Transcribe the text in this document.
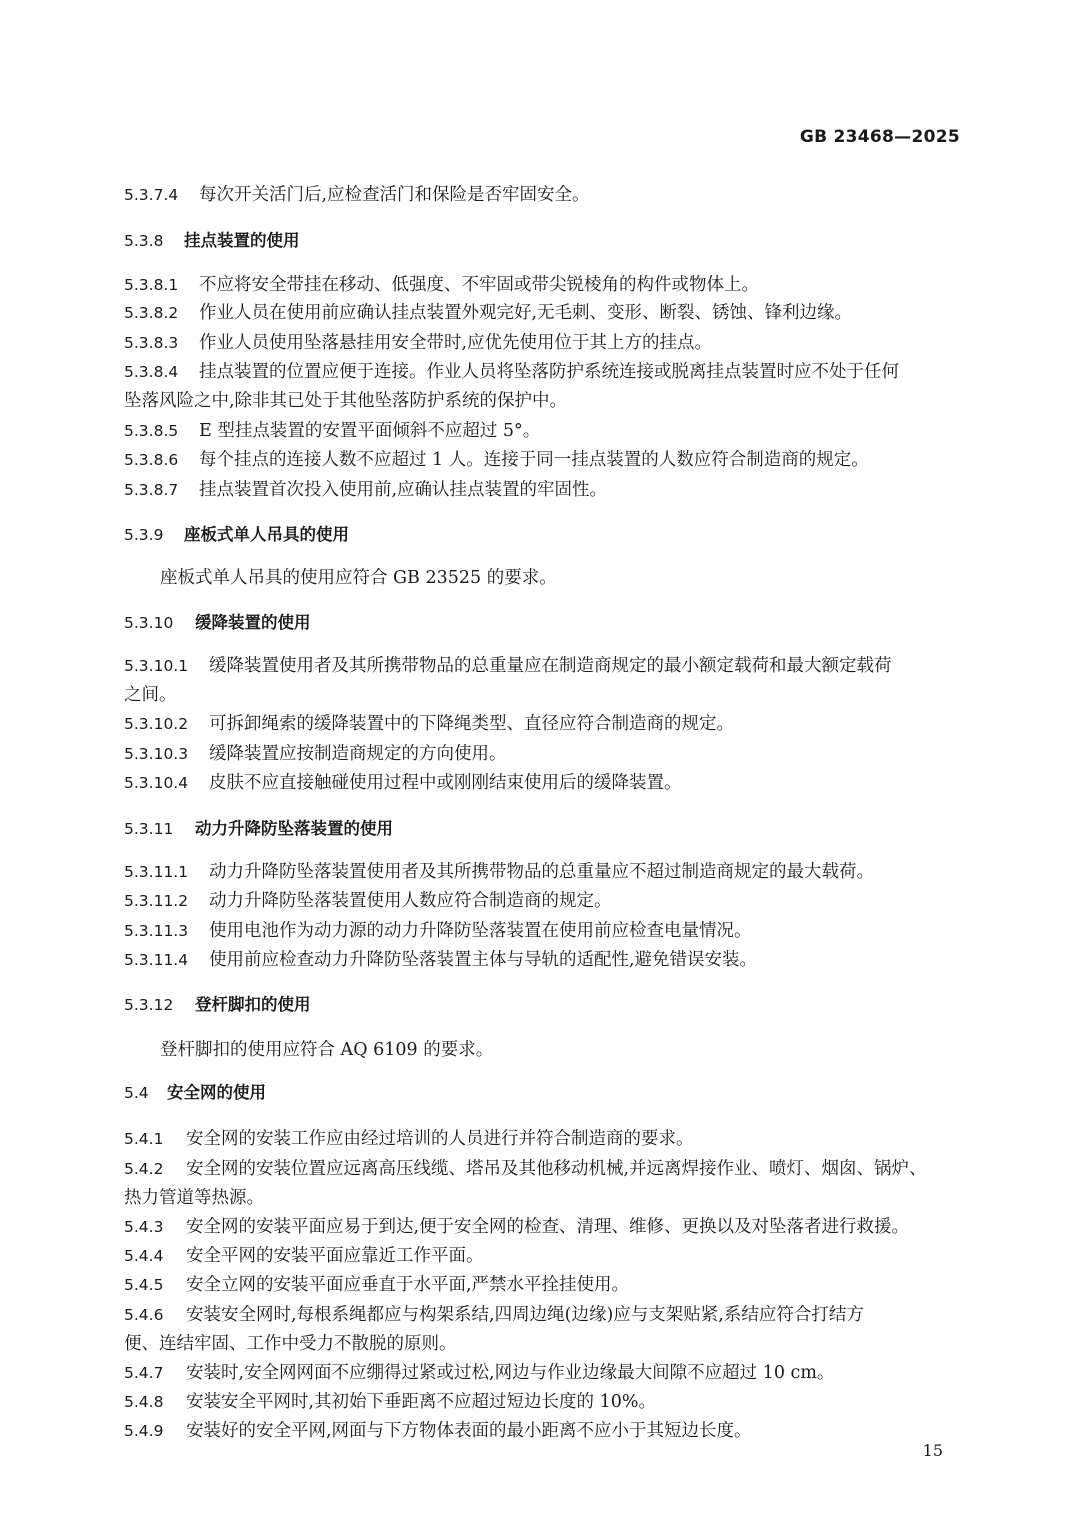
GB 23468—2025
5.3.7.4 每次开关活门后,应检查活门和保险是否牢固安全。
5.3.8 挂点装置的使用
5.3.8.1 不应将安全带挂在移动、低强度、不牢固或带尖锐棱角的构件或物体上。
5.3.8.2 作业人员在使用前应确认挂点装置外观完好,无毛刺、变形、断裂、锈蚀、锋利边缘。
5.3.8.3 作业人员使用坠落悬挂用安全带时,应优先使用位于其上方的挂点。
5.3.8.4 挂点装置的位置应便于连接。作业人员将坠落防护系统连接或脱离挂点装置时应不处于任何
坠落风险之中,除非其已处于其他坠落防护系统的保护中。
5.3.8.5 E 型挂点装置的安置平面倾斜不应超过 5°。
5.3.8.6 每个挂点的连接人数不应超过 1 人。连接于同一挂点装置的人数应符合制造商的规定。
5.3.8.7 挂点装置首次投入使用前,应确认挂点装置的牢固性。
5.3.9 座板式单人吊具的使用
座板式单人吊具的使用应符合 GB 23525 的要求。
5.3.10 缓降装置的使用
5.3.10.1 缓降装置使用者及其所携带物品的总重量应在制造商规定的最小额定载荷和最大额定载荷
之间。
5.3.10.2 可拆卸绳索的缓降装置中的下降绳类型、直径应符合制造商的规定。
5.3.10.3 缓降装置应按制造商规定的方向使用。
5.3.10.4 皮肤不应直接触碰使用过程中或刚刚结束使用后的缓降装置。
5.3.11 动力升降防坠落装置的使用
5.3.11.1 动力升降防坠落装置使用者及其所携带物品的总重量应不超过制造商规定的最大载荷。
5.3.11.2 动力升降防坠落装置使用人数应符合制造商的规定。
5.3.11.3 使用电池作为动力源的动力升降防坠落装置在使用前应检查电量情况。
5.3.11.4 使用前应检查动力升降防坠落装置主体与导轨的适配性,避免错误安装。
5.3.12 登杆脚扣的使用
登杆脚扣的使用应符合 AQ 6109 的要求。
5.4 安全网的使用
5.4.1 安全网的安装工作应由经过培训的人员进行并符合制造商的要求。
5.4.2 安全网的安装位置应远离高压线缆、塔吊及其他移动机械,并远离焊接作业、喷灯、烟囱、锅炉、
热力管道等热源。
5.4.3 安全网的安装平面应易于到达,便于安全网的检查、清理、维修、更换以及对坠落者进行救援。
5.4.4 安全平网的安装平面应靠近工作平面。
5.4.5 安全立网的安装平面应垂直于水平面,严禁水平拴挂使用。
5.4.6 安装安全网时,每根系绳都应与构架系结,四周边绳(边缘)应与支架贴紧,系结应符合打结方
便、连结牢固、工作中受力不散脱的原则。
5.4.7 安装时,安全网网面不应绷得过紧或过松,网边与作业边缘最大间隙不应超过 10 cm。
5.4.8 安装安全平网时,其初始下垂距离不应超过短边长度的 10%。
5.4.9 安装好的安全平网,网面与下方物体表面的最小距离不应小于其短边长度。
15
